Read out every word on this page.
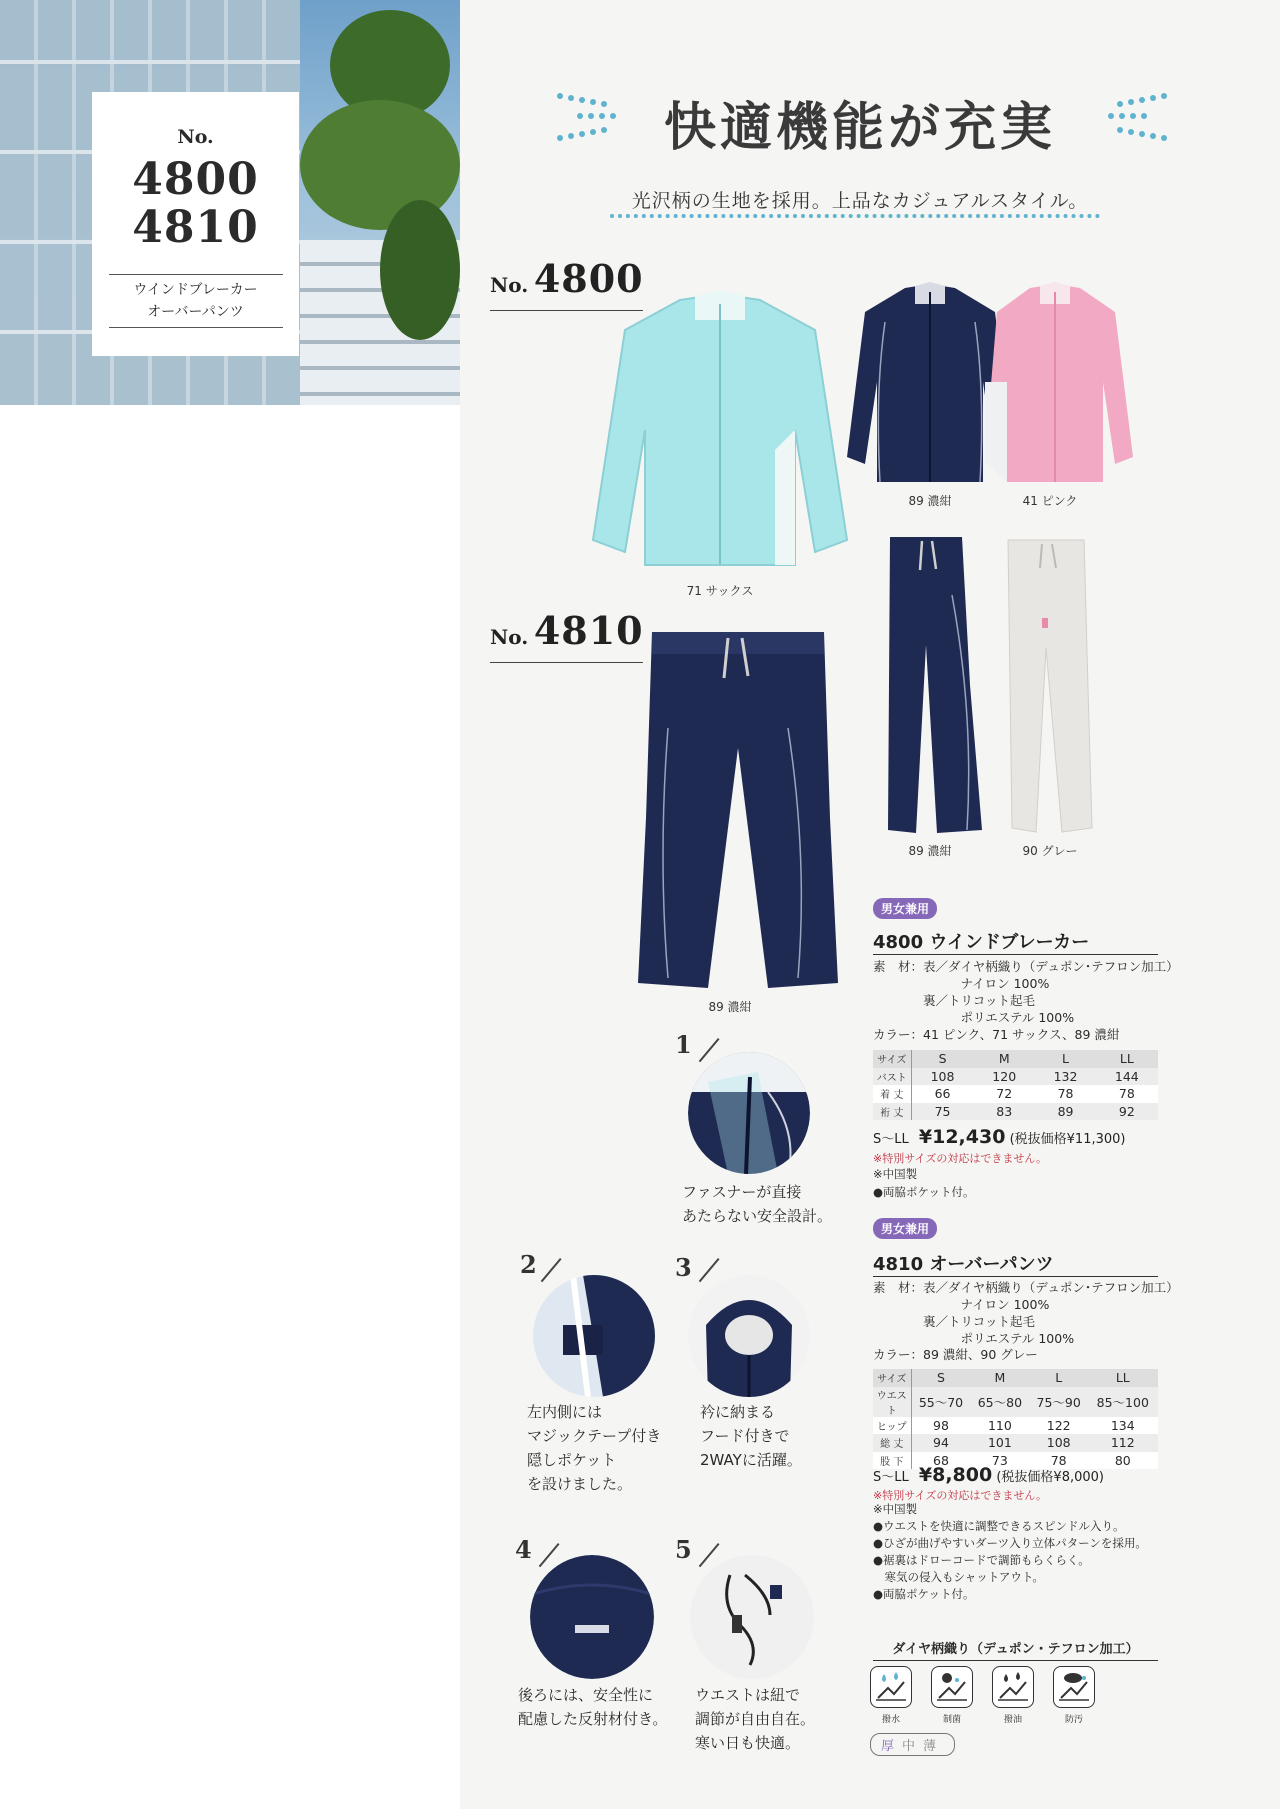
No.
4800
4810
ウインドブレーカー
オーバーパンツ
快適機能が充実
光沢柄の生地を採用。上品なカジュアルスタイル。
No. 4800
71 サックス
89 濃紺	41 ピンク
No. 4810
89 濃紺
89 濃紺	90 グレー
男女兼用
4800 ウインドブレーカー
素　材：表／ダイヤ柄織り（デュポン･テフロン加工）
　　　　　　　ナイロン 100%
　　　　裏／トリコット起毛
　　　　　　　ポリエステル 100%
カラー：41 ピンク、71 サックス、89 濃紺
サイズ	S	M	L	LL
バスト	108	120	132	144
着 丈	66	72	78	78
裄 丈	75	83	89	92
S〜LL ¥12,430 (税抜価格¥11,300)
※特別サイズの対応はできません。
※中国製
●両脇ポケット付。
男女兼用
4810 オーバーパンツ
素　材：表／ダイヤ柄織り（デュポン･テフロン加工）
　　　　　　　ナイロン 100%
　　　　裏／トリコット起毛
　　　　　　　ポリエステル 100%
カラー：89 濃紺、90 グレー
サイズ	S	M	L	LL
ウエスト	55〜70	65〜80	75〜90	85〜100
ヒップ	98	110	122	134
総 丈	94	101	108	112
股 下	68	73	78	80
S〜LL ¥8,800 (税抜価格¥8,000)
※特別サイズの対応はできません。
※中国製
●ウエストを快適に調整できるスピンドル入り。
●ひざが曲げやすいダーツ入り立体パターンを採用。
●裾裏はドローコードで調節もらくらく。
　寒気の侵入もシャットアウト。
●両脇ポケット付。
1
ファスナーが直接
あたらない安全設計。
2
左内側には
マジックテープ付き
隠しポケット
を設けました。
3
衿に納まる
フード付きで
2WAYに活躍。
4
後ろには、安全性に
配慮した反射材付き。
5
ウエストは紐で
調節が自由自在。
寒い日も快適。
ダイヤ柄織り（デュポン・テフロン加工）
撥水	制菌	撥油	防汚
厚中薄
